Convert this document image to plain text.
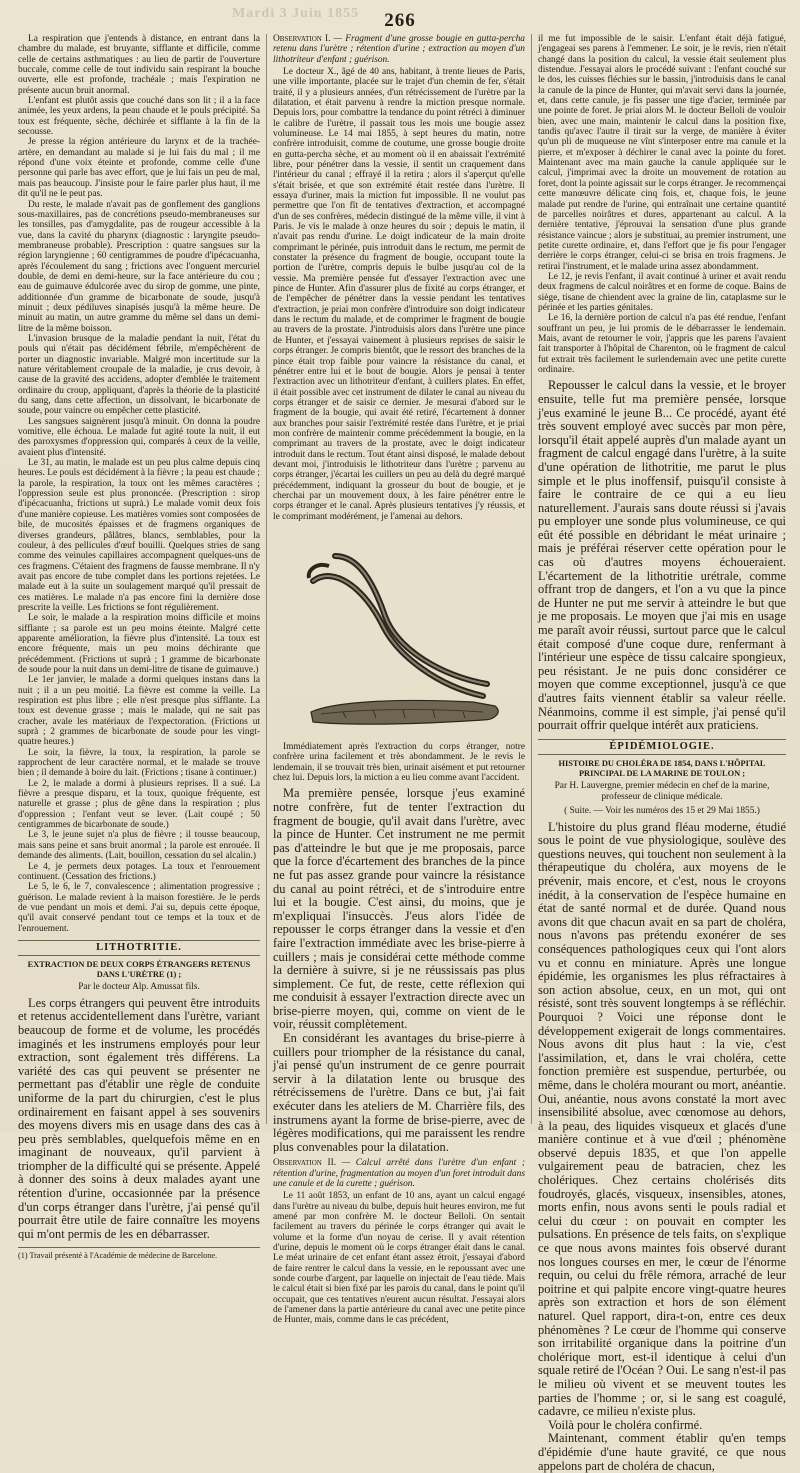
Mardi 3 Juin 1855	266

La respiration que j'entends à distance, en entrant dans la chambre du malade, est bruyante, sifflante et difficile, comme celle de certains asthmatiques : au lieu de partir de l'ouverture buccale, comme celle de tout individu sain respirant la bouche ouverte, elle est profonde, trachéale ; mais l'expiration ne présente aucun bruit anormal.

L'enfant est plutôt assis que couché dans son lit ; il a la face animée, les yeux ardens, la peau chaude et le pouls précipité. Sa toux est fréquente, sèche, déchirée et sifflante à la fin de la secousse.

Je presse la région antérieure du larynx et de la trachée-artère, en demandant au malade si je lui fais du mal ; il me répond d'une voix éteinte et profonde, comme celle d'une personne qui parle bas avec effort, que je lui fais un peu de mal, mais pas beaucoup. J'insiste pour le faire parler plus haut, il me dit qu'il ne le peut pas.

Du reste, le malade n'avait pas de gonflement des ganglions sous-maxillaires, pas de concrétions pseudo-membraneuses sur les tonsilles, pas d'amygdalite, pas de rougeur accessible à la vue, dans la cavité du pharynx (diagnostic : laryngite pseudo-membraneuse probable). Prescription : quatre sangsues sur la région laryngienne ; 60 centigrammes de poudre d'ipécacuanha, après l'écoulement du sang ; frictions avec l'onguent mercuriel double, de demi en demi-heure, sur la face antérieure du cou ; eau de guimauve édulcorée avec du sirop de gomme, une pinte, additionnée d'un gramme de bicarbonate de soude, jusqu'à minuit ; deux pédiluves sinapisés jusqu'à la même heure. De minuit au matin, un autre gramme du même sel dans un demi-litre de la même boisson.

L'invasion brusque de la maladie pendant la nuit, l'état du pouls qui n'était pas décidément fébrile, m'empêchèrent de porter un diagnostic invariable. Malgré mon incertitude sur la nature véritablement croupale de la maladie, je crus devoir, à cause de la gravité des accidens, adopter d'emblée le traitement ordinaire du croup, appliquant, d'après la théorie de la plasticité du sang, dans cette affection, un dissolvant, le bicarbonate de soude, pour vaincre ou empêcher cette plasticité.

Les sangsues saignèrent jusqu'à minuit. On donna la poudre vomitive, elle échoua. Le malade fut agité toute la nuit, il eut des paroxysmes d'oppression qui, comparés à ceux de la veille, avaient plus d'intensité.

Le 31, au matin, le malade est un peu plus calme depuis cinq heures. Le pouls est décidément à la fièvre ; la peau est chaude ; la parole, la respiration, la toux ont les mêmes caractères ; l'oppression seule est plus prononcée. (Prescription : sirop d'ipécacuanha, frictions ut suprà.) Le malade vomit deux fois d'une manière copieuse. Les matières vomies sont composées de bile, de mucosités épaisses et de fragmens organiques de diverses grandeurs, pâlâtres, blancs, semblables, pour la couleur, à des pellicules d'œuf bouilli. Quelques stries de sang comme des veinules capillaires accompagnent quelques-uns de ces fragmens. C'étaient des fragmens de fausse membrane. Il n'y avait pas encore de tube complet dans les portions rejetées. Le malade eut à la suite un soulagement marqué qu'il pressait de ces matières. Le malade n'a pas encore fini la dernière dose prescrite la veille. Les frictions se font régulièrement.

Le soir, le malade a la respiration moins difficile et moins sifflante ; sa parole est un peu moins éteinte. Malgré cette apparente amélioration, la fièvre plus d'intensité. La toux est encore fréquente, mais un peu moins déchirante que précédemment. (Frictions ut suprà ; 1 gramme de bicarbonate de soude pour la nuit dans un demi-litre de tisane de guimauve.)

Le 1er janvier, le malade a dormi quelques instans dans la nuit ; il a un peu moitié. La fièvre est comme la veille. La respiration est plus libre ; elle n'est presque plus sifflante. La toux est devenue grasse ; mais le malade, qui ne sait pas cracher, avale les matériaux de l'expectoration. (Frictions ut suprà ; 2 grammes de bicarbonate de soude pour les vingt-quatre heures.)

Le soir, la fièvre, la toux, la respiration, la parole se rapprochent de leur caractère normal, et le malade se trouve bien ; il demande à boire du lait. (Frictions ; tisane à continuer.)

Le 2, le malade a dormi à plusieurs reprises. Il a sué. La fièvre a presque disparu, et la toux, quoique fréquente, est naturelle et grasse ; plus de gêne dans la respiration ; plus d'oppression ; l'enfant veut se lever. (Lait coupé ; 50 centigrammes de bicarbonate de soude.)

Le 3, le jeune sujet n'a plus de fièvre ; il tousse beaucoup, mais sans peine et sans bruit anormal ; la parole est enrouée. Il demande des aliments. (Lait, bouillon, cessation du sel alcalin.)

Le 4, je permets deux potages. La toux et l'enrouement continuent. (Cessation des frictions.)

Le 5, le 6, le 7, convalescence ; alimentation progressive ; guérison. Le malade revient à la maison forestière. Je le perds de vue pendant un mois et demi. J'ai su, depuis cette époque, qu'il avait conservé pendant tout ce temps et la toux et de l'enrouement.

LITHOTRITIE.
EXTRACTION DE DEUX CORPS ÉTRANGERS RETENUS DANS L'URÈTRE (1) ;
Par le docteur Alp. Amussat fils.

Les corps étrangers qui peuvent être introduits et retenus accidentellement dans l'urètre, variant beaucoup de forme et de volume, les procédés imaginés et les instrumens employés pour leur extraction, sont également très différens. La variété des cas qui peuvent se présenter ne permettant pas d'établir une règle de conduite uniforme de la part du chirurgien, c'est le plus ordinairement en faisant appel à ses souvenirs des moyens divers mis en usage dans des cas à peu près semblables, quelquefois même en en imaginant de nouveaux, qu'il parvient à triompher de la difficulté qui se présente. Appelé à donner des soins à deux malades ayant une rétention d'urine, occasionnée par la présence d'un corps étranger dans l'urètre, j'ai pensé qu'il pourrait être utile de faire connaître les moyens qui m'ont permis de les en débarrasser.

(1) Travail présenté à l'Académie de médecine de Barcelone.

Observation I. — Fragment d'une grosse bougie en gutta-percha retenu dans l'urètre ; rétention d'urine ; extraction au moyen d'un lithotriteur d'enfant ; guérison.

Le docteur X., âgé de 40 ans, habitant, à trente lieues de Paris, une ville importante, placée sur le trajet d'un chemin de fer, s'était traité, il y a plusieurs années, d'un rétrécissement de l'urètre par la dilatation, et était parvenu à rendre la miction presque normale. Depuis lors, pour combattre la tendance du point rétréci à diminuer le calibre de l'urètre, il passait tous les mois une bougie assez volumineuse. Le 14 mai 1855, à sept heures du matin, notre confrère introduisit, comme de coutume, une grosse bougie droite en gutta-percha sèche, et au moment où il en abaissait l'extrémité libre, pour pénétrer dans la vessie, il sentit un craquement dans l'intérieur du canal ; effrayé il la retira ; alors il s'aperçut qu'elle s'était brisée, et que son extrémité était restée dans l'urètre. Il essaya d'uriner, mais la miction fut impossible. Il ne voulut pas permettre que l'on fît de tentatives d'extraction, et accompagné d'un de ses confrères, médecin distingué de la même ville, il vint à Paris. Je vis le malade à onze heures du soir ; depuis le matin, il n'avait pas rendu d'urine. Le doigt indicateur de la main droite comprimant le périnée, puis introduit dans le rectum, me permit de constater la présence du fragment de bougie, occupant toute la portion de l'urètre, compris depuis le bulbe jusqu'au col de la vessie. Ma première pensée fut d'essayer l'extraction avec une pince de Hunter. Afin d'assurer plus de fixité au corps étranger, et de l'empêcher de pénétrer dans la vessie pendant les tentatives d'extraction, je priai mon confrère d'introduire son doigt indicateur dans le rectum du malade, et de comprimer le fragment de bougie au travers de la prostate. J'introduisis alors dans l'urètre une pince de Hunter, et j'essayai vainement à plusieurs reprises de saisir le corps étranger. Je compris bientôt, que le ressort des branches de la pince était trop faible pour vaincre la résistance du canal, et pénétrer entre lui et le bout de bougie. Alors je pensai à tenter l'extraction avec un lithotriteur d'enfant, à cuillers plates. En effet, il était possible avec cet instrument de dilater le canal au niveau du corps étranger et de saisir ce dernier. Je mesurai d'abord sur le fragment de la bougie, qui avait été retiré, l'écartement à donner aux branches pour saisir l'extrémité restée dans l'urètre, et je priai mon confrère de maintenir comme précédemment la bougie, en la comprimant au travers de la prostate, avec le doigt indicateur introduit dans le rectum. Tout étant ainsi disposé, le malade debout devant moi, j'introduisis le lithotriteur dans l'urètre ; parvenu au corps étranger, j'écartai les cuillers un peu au delà du degré marqué précédemment, indiquant la grosseur du bout de bougie, et je cherchai par un mouvement doux, à les faire pénétrer entre le corps étranger et le canal. Après plusieurs tentatives j'y réussis, et le comprimant modérément, je l'amenai au dehors.

Immédiatement après l'extraction du corps étranger, notre confrère urina facilement et très abondamment. Je le revis le lendemain, il se trouvait très bien, urinait aisément et put retourner chez lui. Depuis lors, la miction a eu lieu comme avant l'accident.

Ma première pensée, lorsque j'eus examiné notre confrère, fut de tenter l'extraction du fragment de bougie, qu'il avait dans l'urètre, avec la pince de Hunter. Cet instrument ne me permit pas d'atteindre le but que je me proposais, parce que la force d'écartement des branches de la pince ne fut pas assez grande pour vaincre la résistance du canal au point rétréci, et de s'introduire entre lui et la bougie. C'est ainsi, du moins, que je m'expliquai l'insuccès. J'eus alors l'idée de repousser le corps étranger dans la vessie et d'en faire l'extraction immédiate avec les brise-pierre à cuillers ; mais je considérai cette méthode comme la dernière à suivre, si je ne réussissais pas plus simplement. Ce fut, de reste, cette réflexion qui me conduisit à essayer l'extraction directe avec un brise-pierre moyen, qui, comme on vient de le voir, réussit complètement.

En considérant les avantages du brise-pierre à cuillers pour triompher de la résistance du canal, j'ai pensé qu'un instrument de ce genre pourrait servir à la dilatation lente ou brusque des rétrécissemens de l'urètre. Dans ce but, j'ai fait exécuter dans les ateliers de M. Charrière fils, des instrumens ayant la forme de brise-pierre, avec de légères modifications, qui me paraissent les rendre plus convenables pour la dilatation.

Observation II. — Calcul arrêté dans l'urètre d'un enfant ; rétention d'urine, fragmentation au moyen d'un foret introduit dans une canule et de la curette ; guérison.

Le 11 août 1853, un enfant de 10 ans, ayant un calcul engagé dans l'urètre au niveau du bulbe, depuis huit heures environ, me fut amené par mon confrère M. le docteur Belloli. On sentait facilement au travers du périnée le corps étranger qui avait le volume et la forme d'un noyau de cerise. Il y avait rétention d'urine, depuis le moment où le corps étranger était dans le canal. Le méat urinaire de cet enfant étant assez étroit, j'essayai d'abord de faire rentrer le calcul dans la vessie, en le repoussant avec une sonde courbe d'argent, par laquelle on injectait de l'eau tiède. Mais le calcul était si bien fixé par les parois du canal, dans le point qu'il occupait, que ces tentatives n'eurent aucun résultat. J'essayai alors de l'amener dans la partie antérieure du canal avec une petite pince de Hunter, mais, comme dans le cas précédent,

il me fut impossible de le saisir. L'enfant était déjà fatigué, j'engageai ses parens à l'emmener. Le soir, je le revis, rien n'était changé dans la position du calcul, la vessie était seulement plus distendue. J'essayai alors le procédé suivant : l'enfant couché sur le dos, les cuisses fléchies sur le bassin, j'introduisis dans le canal la canule de la pince de Hunter, qui m'avait servi dans la journée, et, dans cette canule, je fis passer une tige d'acier, terminée par une pointe de foret. Je priai alors M. le docteur Belloli de vouloir bien, avec une main, maintenir le calcul dans la position fixe, tandis qu'avec l'autre il tirait sur la verge, de manière à éviter qu'un pli de muqueuse ne vînt s'interposer entre ma canule et la pierre, et m'exposer à déchirer le canal avec la pointe du foret. Maintenant avec ma main gauche la canule appliquée sur le calcul, j'imprimai avec la droite un mouvement de rotation au foret, dont la pointe agissait sur le corps étranger. Je recommençai cette manœuvre délicate cinq fois, et, chaque fois, le jeune malade put rendre de l'urine, qui entraînait une certaine quantité de parcelles noirâtres et dures, appartenant au calcul. A la dernière tentative, j'éprouvai la sensation d'une plus grande résistance vaincue ; alors je substituai, au premier instrument, une petite curette ordinaire, et, dans l'effort que je fis pour l'engager derrière le corps étranger, celui-ci se brisa en trois fragmens. Je retirai l'instrument, et le malade urina assez abondamment.

Le 12, je revis l'enfant, il avait continué à uriner et avait rendu deux fragmens de calcul noirâtres et en forme de coque. Bains de siège, tisane de chiendent avec la graine de lin, cataplasme sur le périnée et les parties génitales.

Le 16, la dernière portion de calcul n'a pas été rendue, l'enfant souffrant un peu, je lui promis de le débarrasser le lendemain. Mais, avant de retourner le voir, j'appris que les parens l'avaient fait transporter à l'hôpital de Charenton, où le fragment de calcul fut extrait très facilement le surlendemain avec une petite curette ordinaire.

Repousser le calcul dans la vessie, et le broyer ensuite, telle fut ma première pensée, lorsque j'eus examiné le jeune B... Ce procédé, ayant été très souvent employé avec succès par mon père, lorsqu'il était appelé auprès d'un malade ayant un fragment de calcul engagé dans l'urètre, à la suite d'une opération de lithotritie, me parut le plus simple et le plus inoffensif, puisqu'il consiste à faire le contraire de ce qui a eu lieu naturellement. J'aurais sans doute réussi si j'avais pu employer une sonde plus volumineuse, ce qui eût été possible en débridant le méat urinaire ; mais je préférai réserver cette opération pour le cas où d'autres moyens échoueraient. L'écartement de la lithotritie urétrale, comme offrant trop de dangers, et l'on a vu que la pince de Hunter ne put me servir à atteindre le but que je me proposais. Le moyen que j'ai mis en usage me paraît avoir réussi, surtout parce que le calcul était composé d'une coque dure, renfermant à l'intérieur une espèce de tissu calcaire spongieux, peu résistant. Je ne puis donc considérer ce moyen que comme exceptionnel, jusqu'à ce que d'autres faits viennent établir sa valeur réelle. Néanmoins, comme il est simple, j'ai pensé qu'il pourrait offrir quelque intérêt aux praticiens.

ÉPIDÉMIOLOGIE.
HISTOIRE DU CHOLÉRA DE 1854, DANS L'HÔPITAL PRINCIPAL DE LA MARINE DE TOULON ;
Par H. Lauvergne, premier médecin en chef de la marine, professeur de clinique médicale.
( Suite. — Voir les numéros des 15 et 29 Mai 1855.)

L'histoire du plus grand fléau moderne, étudié sous le point de vue physiologique, soulève des questions neuves, qui touchent non seulement à la thérapeutique du choléra, aux moyens de le prévenir, mais encore, et c'est, nous le croyons inédit, à la conservation de l'espèce humaine en état de santé normal et de durée. Quand nous avons dit que chacun avait en sa part de choléra, nous n'avons pas prétendu exonérer de ses conséquences pathologiques ceux qui l'ont alors vu et connu en miniature. Après une longue épidémie, les organismes les plus réfractaires à son action absolue, ceux, en un mot, qui ont résisté, sont très souvent longtemps à se réfléchir. Pourquoi ? Voici une réponse dont le développement exigerait de longs commentaires. Nous avons dit plus haut : la vie, c'est l'assimilation, et, dans le vrai choléra, cette fonction première est suspendue, perturbée, ou même, dans le choléra mourant ou mort, anéantie. Oui, anéantie, nous avons constaté la mort avec insensibilité absolue, avec cœnomose au dehors, à la peau, des liquides visqueux et glacés d'une manière continue et à vue d'œil ; phénomène observé depuis 1835, et que l'on appelle vulgairement peau de batracien, chez les cholériques. Chez certains cholérisés dits foudroyés, glacés, visqueux, insensibles, atones, morts enfin, nous avons senti le pouls radial et celui du cœur : on pouvait en compter les pulsations. En présence de tels faits, on s'explique ce que nous avons maintes fois observé durant nos longues courses en mer, le cœur de l'énorme requin, ou celui du frêle rémora, arraché de leur poitrine et qui palpite encore vingt-quatre heures après son extraction et hors de son élément naturel. Quel rapport, dira-t-on, entre ces deux phénomènes ? Le cœur de l'homme qui conserve son irritabilité organique dans la poitrine d'un cholérique mort, est-il identique à celui d'un squale retiré de l'Océan ? Oui. Le sang n'est-il pas le milieu où vivent et se meuvent toutes les parties de l'homme ; or, si le sang est coagulé, cadavre, ce milieu n'existe plus.

Voilà pour le choléra confirmé.

Maintenant, comment établir qu'en temps d'épidémie d'une haute gravité, ce que nous appelons part de choléra de chacun,
